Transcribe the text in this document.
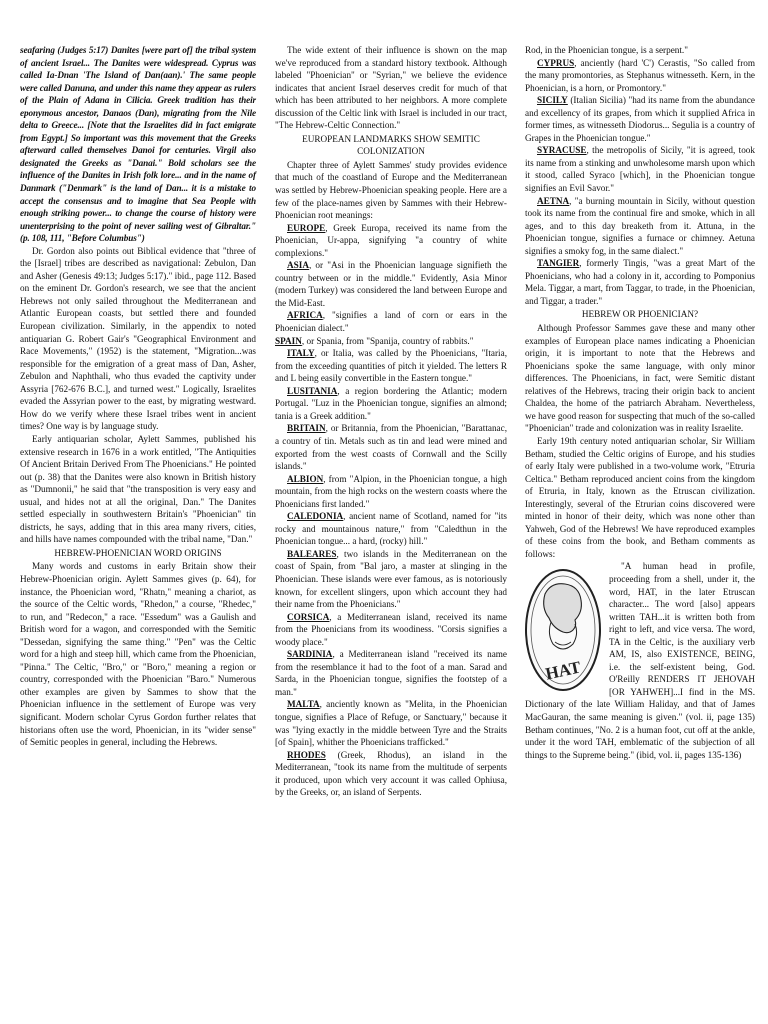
seafaring (Judges 5:17) Danites [were part of] the tribal system of ancient Israel... The Danites were widespread. Cyprus was called Ia-Dnan 'The Island of Dan(aan).' The same people were called Danuna, and under this name they appear as rulers of the Plain of Adana in Cilicia. Greek tradition has their eponymous ancestor, Danaos (Dan), migrating from the Nile delta to Greece... [Note that the Israelites did in fact emigrate from Egypt.] So important was this movement that the Greeks afterward called themselves Danoi for centuries. Virgil also designated the Greeks as "Danai." Bold scholars see the influence of the Danites in Irish folk lore... and in the name of Danmark ("Denmark" is the land of Dan... it is a mistake to accept the consensus and to imagine that Sea People with enough striking power... to change the course of history were unenterprising to the point of never sailing west of Gibraltar." (p. 108, 111, "Before Columbus")

Dr. Gordon also points out Biblical evidence that "three of the [Israel] tribes are described as navigational: Zebulon, Dan and Asher (Genesis 49:13; Judges 5:17)." ibid., page 112. Based on the eminent Dr. Gordon's research, we see that the ancient Hebrews not only sailed throughout the Mediterranean and Atlantic European coasts, but settled there and founded European civilization. Similarly, in the appendix to noted antiquarian G. Robert Gair's "Geographical Environment and Race Movements," (1952) is the statement, "Migration...was responsible for the emigration of a great mass of Dan, Asher, Zebulon and Naphthali, who thus evaded the captivity under Assyria [762-676 B.C.], and turned west." Logically, Israelites evaded the Assyrian power to the east, by migrating westward. How do we verify where these Israel tribes went in ancient times? One way is by language study.

Early antiquarian scholar, Aylett Sammes, published his extensive research in 1676 in a work entitled, "The Antiquities Of Ancient Britain Derived From The Phoenicians." He pointed out (p. 38) that the Danites were also known in British history as "Dumnonii," he said that "the transposition is very easy and usual, and hides not at all the original, Dan." The Danites settled especially in southwestern Britain's "Phoenician" tin districts, he says, adding that in this area many rivers, cities, and hills have names compounded with the tribal name, "Dan."

HEBREW-PHOENICIAN WORD ORIGINS

Many words and customs in early Britain show their Hebrew-Phoenician origin. Aylett Sammes gives (p. 64), for instance, the Phoenician word, "Rhatn," meaning a chariot, as the source of the Celtic words, "Rhedon," a course, "Rhedec," to run, and "Redecon," a race. "Essedum" was a Gaulish and British word for a wagon, and corresponded with the Semitic "Dessedan, signifying the same thing." "Pen" was the Celtic word for a high and steep hill, which came from the Phoenician, "Pinna." The Celtic, "Bro," or "Boro," meaning a region or country, corresponded with the Phoenician "Baro." Numerous other examples are given by Sammes to show that the Phoenician influence in the settlement of Europe was very significant. Modern scholar Cyrus Gordon further relates that historians often use the word, Phoenician, in its "wider sense" of Semitic peoples in general, including the Hebrews.

The wide extent of their influence is shown on the map we've reproduced from a standard history textbook. Although labeled "Phoenician" or "Syrian," we believe the evidence indicates that ancient Israel deserves credit for much of that which has been attributed to her neighbors. A more complete discussion of the Celtic link with Israel is included in our tract, "The Hebrew-Celtic Connection."

EUROPEAN LANDMARKS SHOW SEMITIC COLONIZATION

Chapter three of Aylett Sammes' study provides evidence that much of the coastland of Europe and the Mediterranean was settled by Hebrew-Phoenician speaking people. Here are a few of the place-names given by Sammes with their Hebrew-Phoenician root meanings:

EUROPE, Greek Europa, received its name from the Phoenician, Ur-appa, signifying "a country of white complexions."

ASIA, or "Asi in the Phoenician language signifieth the country between or in the middle." Evidently, Asia Minor (modern Turkey) was considered the land between Europe and the Mid-East.

AFRICA, "signifies a land of corn or ears in the Phoenician dialect."

SPAIN, or Spania, from "Spanija, country of rabbits."

ITALY, or Italia, was called by the Phoenicians, "Itaria, from the exceeding quantities of pitch it yielded. The letters R and L being easily convertible in the Eastern tongue."

LUSITANIA, a region bordering the Atlantic; modern Portugal. "Luz in the Phoenician tongue, signifies an almond; tania is a Greek addition."

BRITAIN, or Britannia, from the Phoenician, "Barattanac, a country of tin. Metals such as tin and lead were mined and exported from the west coasts of Cornwall and the Scilly islands."

ALBION, from "Alpion, in the Phoenician tongue, a high mountain, from the high rocks on the western coasts where the Phoenicians first landed."

CALEDONIA, ancient name of Scotland, named for "its rocky and mountainous nature," from "Caledthun in the Phoenician tongue... a hard, (rocky) hill."

BALEARES, two islands in the Mediterranean on the coast of Spain, from "Bal jaro, a master at slinging in the Phoenician. These islands were ever famous, as is notoriously known, for excellent slingers, upon which account they had their name from the Phoenicians."

CORSICA, a Mediterranean island, received its name from the Phoenicians from its woodiness. "Corsis signifies a woody place."

SARDINIA, a Mediterranean island "received its name from the resemblance it had to the foot of a man. Sarad and Sarda, in the Phoenician tongue, signifies the footstep of a man."

MALTA, anciently known as "Melita, in the Phoenician tongue, signifies a Place of Refuge, or Sanctuary," because it was "lying exactly in the middle between Tyre and the Straits [of Spain], whither the Phoenicians trafficked."

RHODES (Greek, Rhodus), an island in the Mediterranean, "took its name from the multitude of serpents it produced, upon which very account it was called Ophiusa, by the Greeks, or, an island of Serpents.

Rod, in the Phoenician tongue, is a serpent."

CYPRUS, anciently (hard 'C') Cerastis, "So called from the many promontories, as Stephanus witnesseth. Kern, in the Phoenician, is a horn, or Promontory."

SICILY (Italian Sicilia) "had its name from the abundance and excellency of its grapes, from which it supplied Africa in former times, as witnesseth Diodorus... Segulia is a country of Grapes in the Phoenician tongue."

SYRACUSE, the metropolis of Sicily, "it is agreed, took its name from a stinking and unwholesome marsh upon which it stood, called Syraco [which], in the Phoenician tongue signifies an Evil Savor."

AETNA, "a burning mountain in Sicily, without question took its name from the continual fire and smoke, which in all ages, and to this day breaketh from it. Attuna, in the Phoenician tongue, signifies a furnace or chimney. Aetuna signifies a smoky fog, in the same dialect."

TANGIER, formerly Tingis, "was a great Mart of the Phoenicians, who had a colony in it, according to Pomponius Mela. Tiggar, a mart, from Taggar, to trade, in the Phoenician, and Tiggar, a trader."

HEBREW OR PHOENICIAN?

Although Professor Sammes gave these and many other examples of European place names indicating a Phoenician origin, it is important to note that the Hebrews and Phoenicians spoke the same language, with only minor differences. The Phoenicians, in fact, were Semitic distant relatives of the Hebrews, tracing their origin back to ancient Chaldea, the home of the patriarch Abraham. Nevertheless, we have good reason for suspecting that much of the so-called "Phoenician" trade and colonization was in reality Israelite.

Early 19th century noted antiquarian scholar, Sir William Betham, studied the Celtic origins of Europe, and his studies of early Italy were published in a two-volume work, "Etruria Celtica." Betham reproduced ancient coins from the kingdom of Etruria, in Italy, known as the Etruscan civilization. Interestingly, several of the Etrurian coins discovered were minted in honor of their deity, which was none other than Yahweh, God of the Hebrews! We have reproduced examples of these coins from the book, and Betham comments as follows:

HAT

"A human head in profile, proceeding from a shell, under it, the word, HAT, in the later Etruscan character... The word [also] appears written TAH...it is written both from right to left, and vice versa. The word, TA in the Celtic, is the auxiliary verb AM, IS, also EXISTENCE, BEING, i.e. the self-existent being, God. O'Reilly RENDERS IT JEHOVAH [OR YAHWEH]...I find in the MS. Dictionary of the late William Haliday, and that of James MacGauran, the same meaning is given." (vol. ii, page 135) Betham continues, "No. 2 is a human foot, cut off at the ankle, under it the word TAH, emblematic of the subjection of all things to the Supreme being." (ibid, vol. ii, pages 135-136)
